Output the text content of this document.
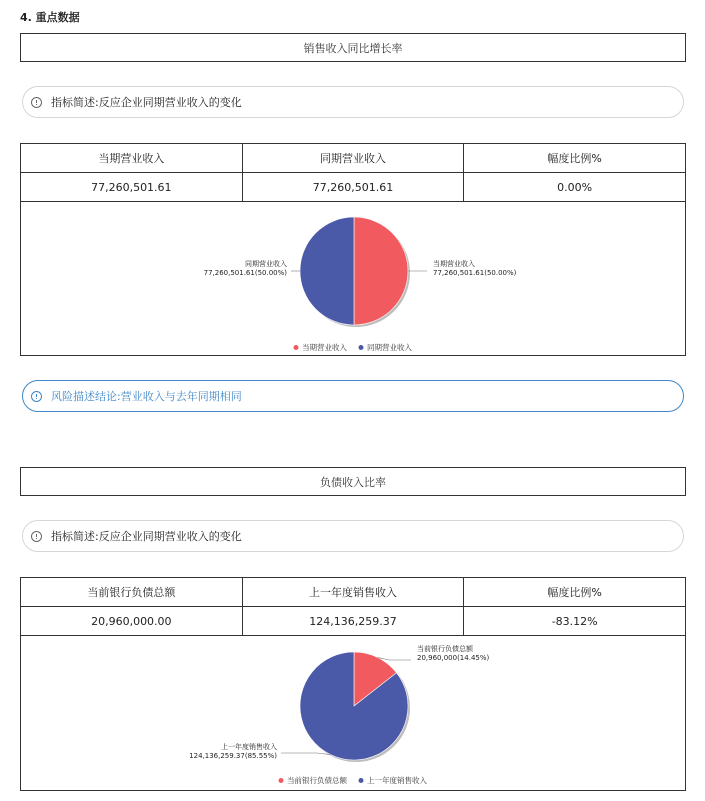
4. 重点数据
销售收入同比增长率
指标简述:反应企业同期营业收入的变化
当期营业收入	同期营业收入	幅度比例%
77,260,501.61	77,260,501.61	0.00%
当期营业收入
77,260,501.61(50.00%)
同期营业收入
77,260,501.61(50.00%)
当期营业收入	同期营业收入
风险描述结论:营业收入与去年同期相同
负债收入比率
指标简述:反应企业同期营业收入的变化
当前银行负债总额	上一年度销售收入	幅度比例%
20,960,000.00	124,136,259.37	-83.12%
当前银行负债总额
20,960,000(14.45%)
上一年度销售收入
124,136,259.37(85.55%)
当前银行负债总额	上一年度销售收入
